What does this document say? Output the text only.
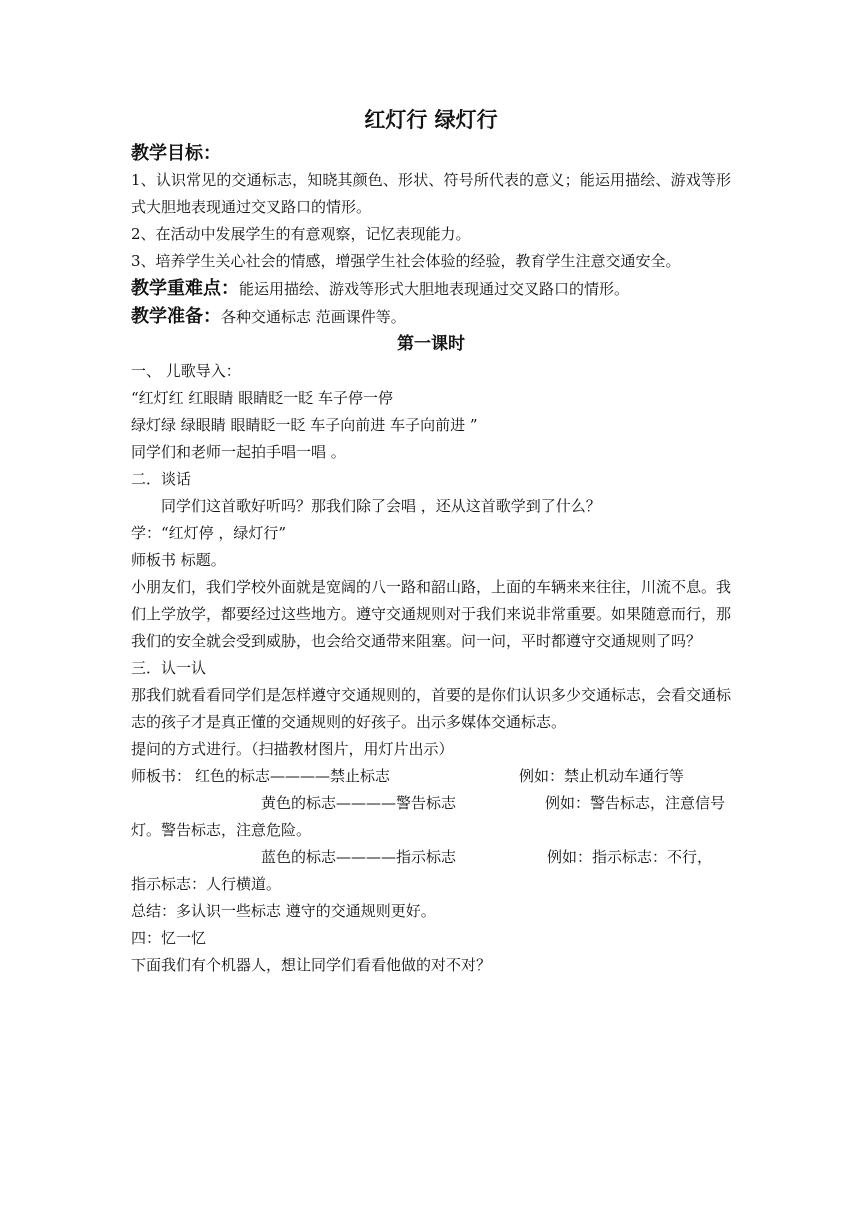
红灯行 绿灯行
教学目标：

1、认识常见的交通标志，知晓其颜色、形状、符号所代表的意义；能运用描绘、游戏等形式大胆地表现通过交叉路口的情形。

2、在活动中发展学生的有意观察，记忆表现能力。

3、培养学生关心社会的情感，增强学生社会体验的经验，教育学生注意交通安全。

教学重难点：能运用描绘、游戏等形式大胆地表现通过交叉路口的情形。

教学准备：各种交通标志 范画课件等。

第一课时

一、 儿歌导入：

“红灯红 红眼睛 眼睛眨一眨 车子停一停

绿灯绿 绿眼睛 眼睛眨一眨 车子向前进 车子向前进 ”

同学们和老师一起拍手唱一唱 。

二．谈话

同学们这首歌好听吗？那我们除了会唱 ，还从这首歌学到了什么？

学：“红灯停 ，绿灯行”

师板书 标题。

小朋友们，我们学校外面就是宽阔的八一路和韶山路，上面的车辆来来往往，川流不息。我们上学放学，都要经过这些地方。遵守交通规则对于我们来说非常重要。如果随意而行，那我们的安全就会受到威胁，也会给交通带来阻塞。问一问，平时都遵守交通规则了吗？

三．认一认

那我们就看看同学们是怎样遵守交通规则的，首要的是你们认识多少交通标志，会看交通标志的孩子才是真正懂的交通规则的好孩子。出示多媒体交通标志。

提问的方式进行。（扫描教材图片，用灯片出示）

师板书： 红色的标志————禁止标志	例如：禁止机动车通行等
黄色的标志————警告标志	例如：警告标志，注意信号

灯。警告标志，注意危险。

蓝色的标志————指示标志	例如：指示标志：不行，

指示标志：人行横道。

总结：多认识一些标志 遵守的交通规则更好。

四：忆一忆

下面我们有个机器人，想让同学们看看他做的对不对？
